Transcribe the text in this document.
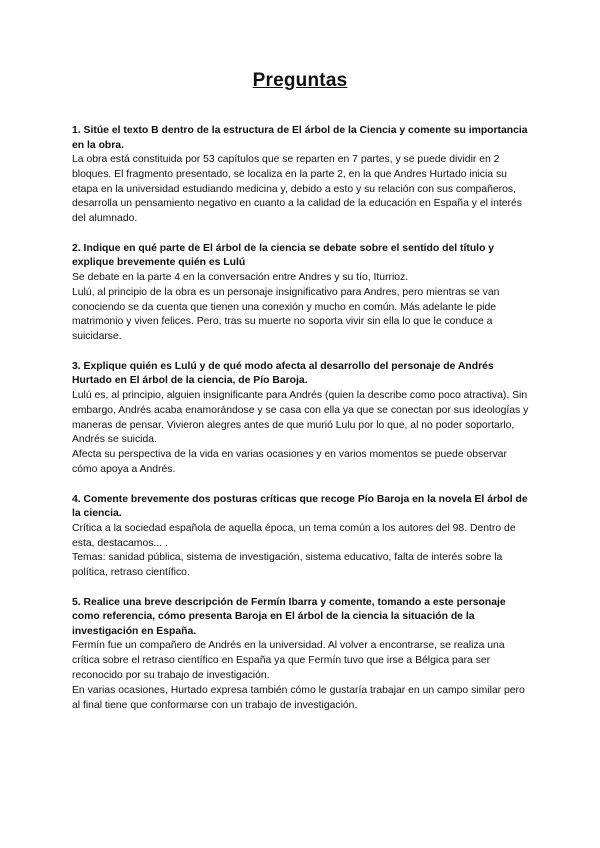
Preguntas

1. Sitúe el texto B dentro de la estructura de El árbol de la Ciencia y comente su importancia en la obra.

La obra está constituida por 53 capítulos que se reparten en 7 partes, y se puede dividir en 2 bloques. El fragmento presentado, se localiza en la parte 2, en la que Andres Hurtado inicia su etapa en la universidad estudiando medicina y, debido a esto y su relación con sus compañeros, desarrolla un pensamiento negativo en cuanto a la calidad de la educación en España y el interés del alumnado.

2. Indique en qué parte de El árbol de la ciencia se debate sobre el sentido del título y explique brevemente quién es Lulú

Se debate en la parte 4 en la conversación entre Andres y su tío, Iturrioz.

Lulú, al principio de la obra es un personaje insignificativo para Andres, pero mientras se van conociendo se da cuenta que tienen una conexión y mucho en común. Más adelante le pide matrimonio y viven felices. Pero, tras su muerte no soporta vivir sin ella lo que le conduce a suicidarse.

3. Explique quién es Lulú y de qué modo afecta al desarrollo del personaje de Andrés Hurtado en El árbol de la ciencia, de Pío Baroja.

Lulú es, al principio, alguien insignificante para Andrés (quien la describe como poco atractiva). Sin embargo, Andrés acaba enamorándose y se casa con ella ya que se conectan por sus ideologías y maneras de pensar. Vivieron alegres antes de que murió Lulu por lo que, al no poder soportarlo, Andrés se suicida.

Afecta su perspectiva de la vida en varias ocasiones y en varios momentos se puede observar cómo apoya a Andrés.

4. Comente brevemente dos posturas críticas que recoge Pío Baroja en la novela El árbol de la ciencia.

Crítica a la sociedad española de aquella época, un tema común a los autores del 98. Dentro de esta, destacamos... .

Temas: sanidad pública, sistema de investigación, sistema educativo, falta de interés sobre la política, retraso científico.

5. Realice una breve descripción de Fermín Ibarra y comente, tomando a este personaje como referencia, cómo presenta Baroja en El árbol de la ciencia la situación de la investigación en España.

Fermín fue un compañero de Andrés en la universidad. Al volver a encontrarse, se realiza una crítica sobre el retraso científico en España ya que Fermín tuvo que irse a Bélgica para ser reconocido por su trabajo de investigación.

En varias ocasiones, Hurtado expresa también cómo le gustaría trabajar en un campo similar pero al final tiene que conformarse con un trabajo de investigación.
